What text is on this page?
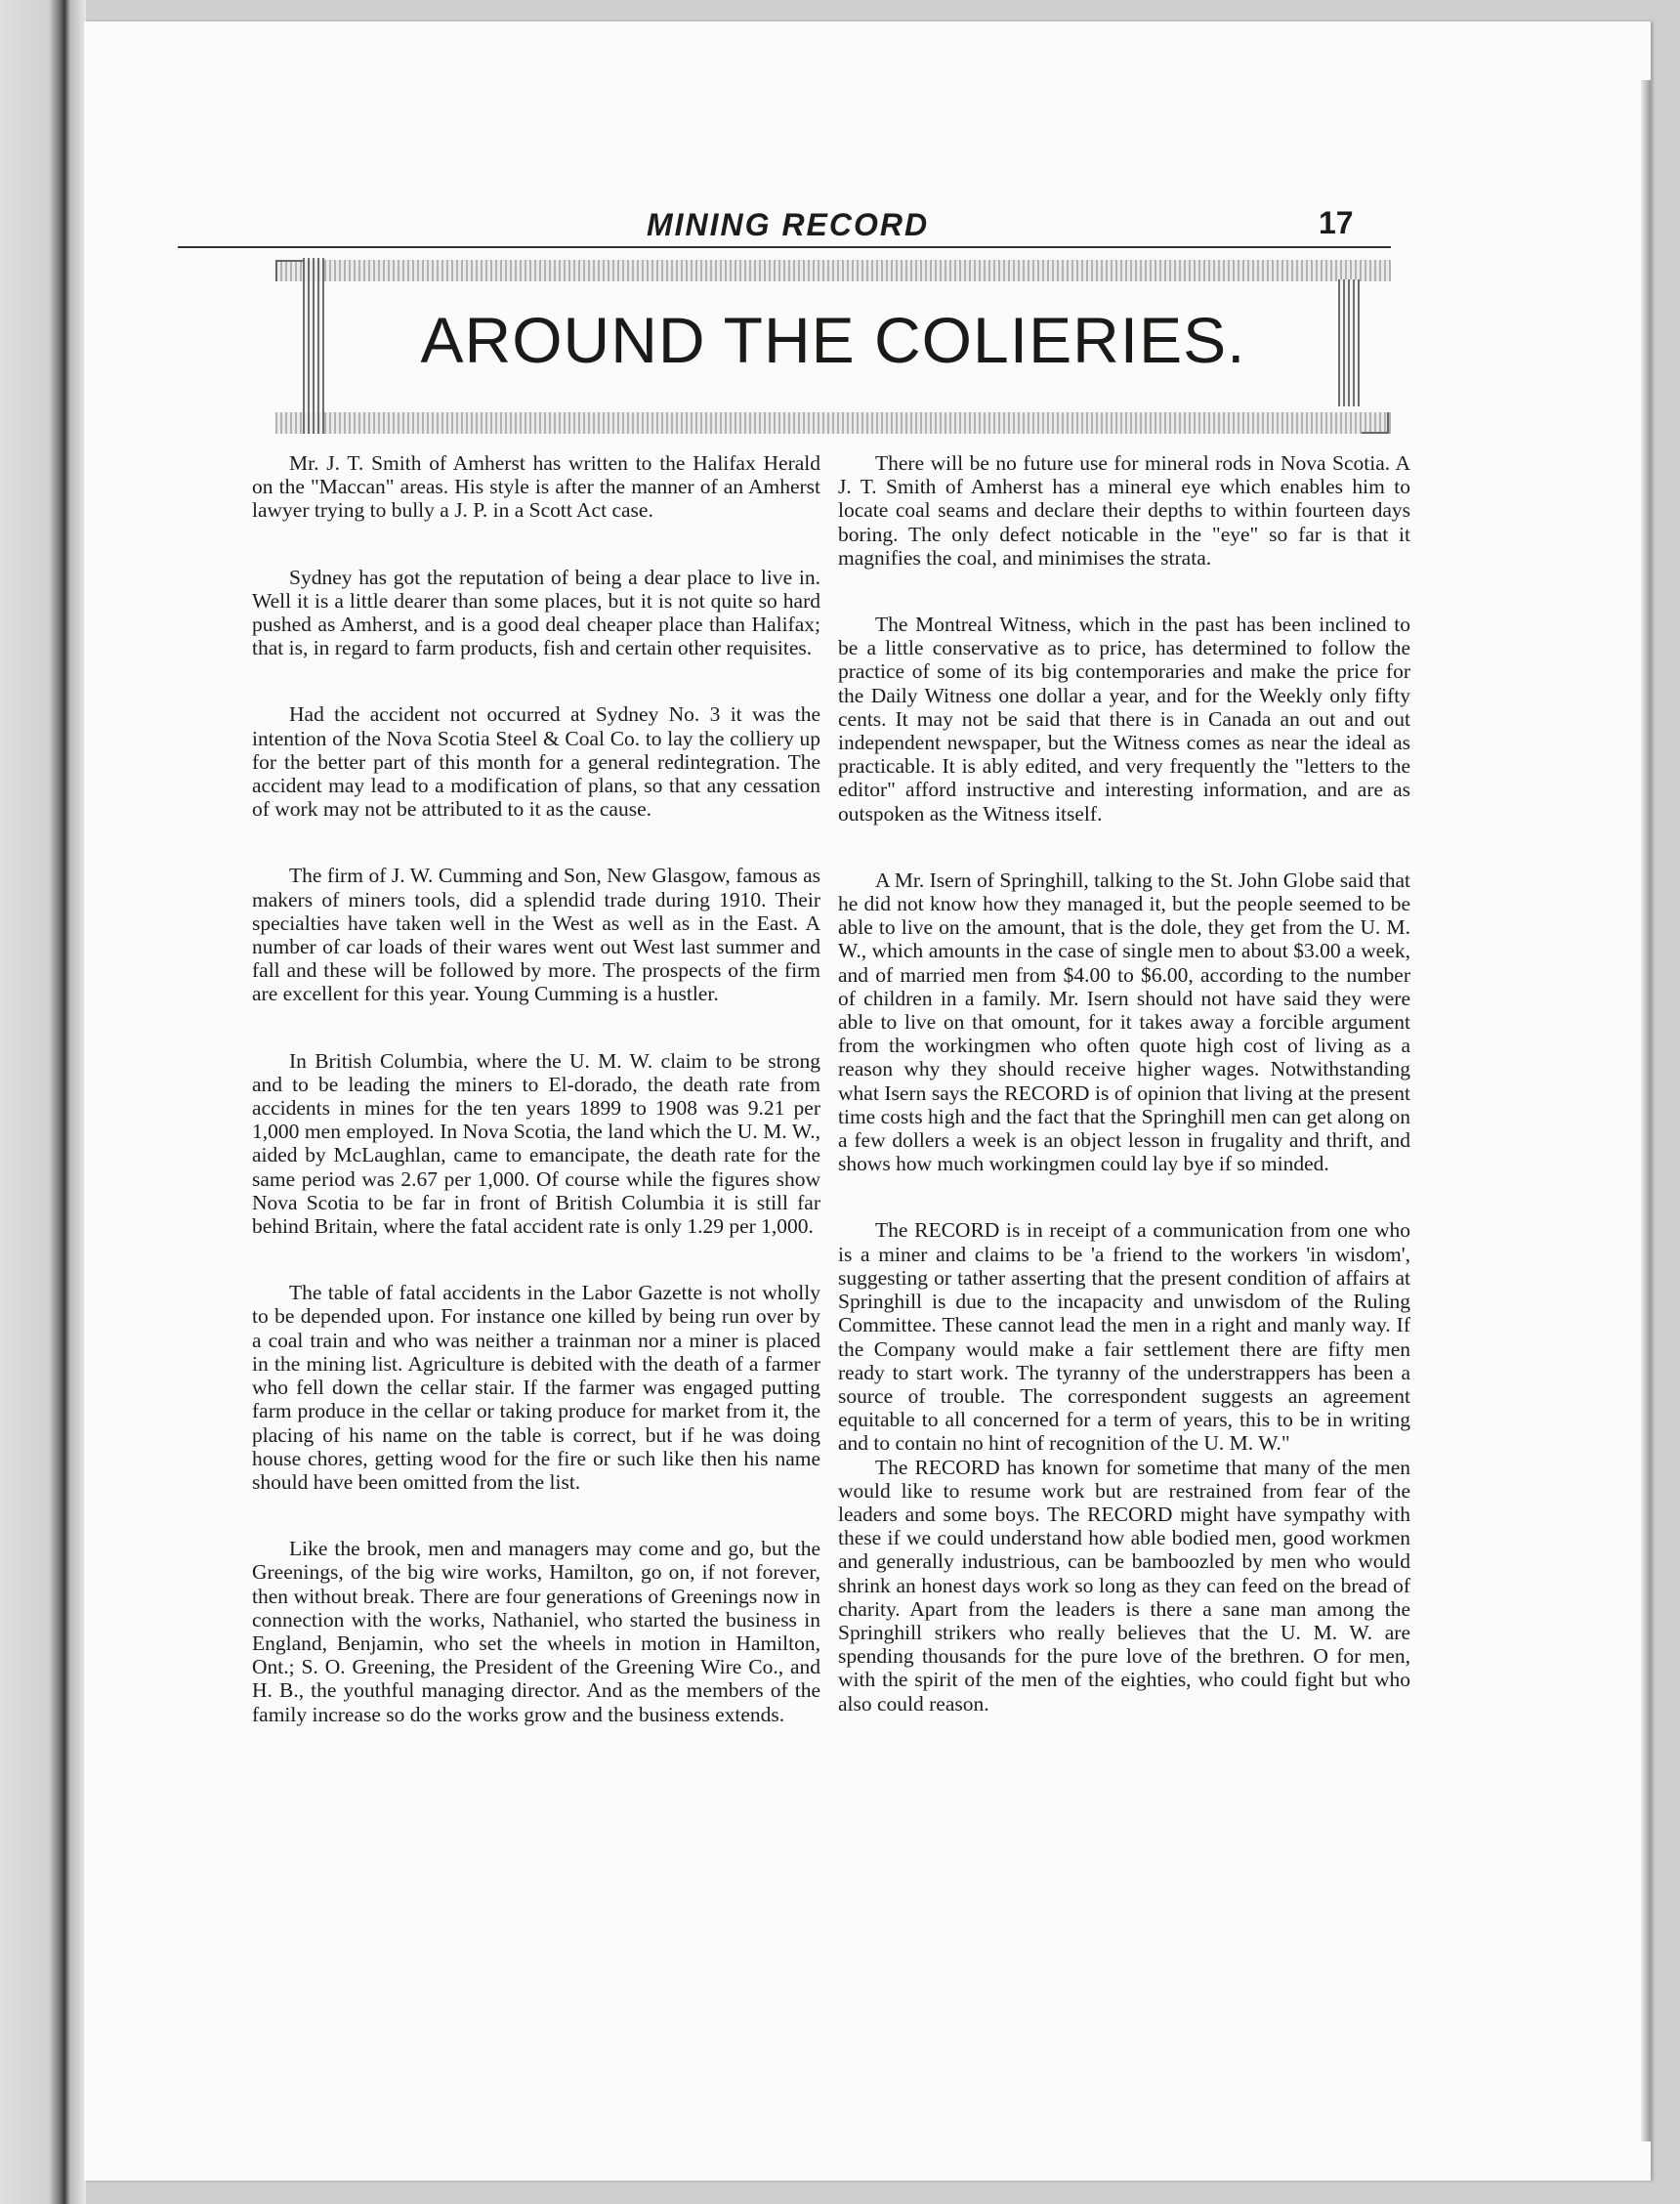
MINING RECORD	17
AROUND THE COLIERIES.

Mr. J. T. Smith of Amherst has written to the Halifax Herald on the "Maccan" areas. His style is after the manner of an Amherst lawyer trying to bully a J. P. in a Scott Act case.

Sydney has got the reputation of being a dear place to live in. Well it is a little dearer than some places, but it is not quite so hard pushed as Amherst, and is a good deal cheaper place than Halifax; that is, in regard to farm products, fish and certain other requisites.

Had the accident not occurred at Sydney No. 3 it was the intention of the Nova Scotia Steel & Coal Co. to lay the colliery up for the better part of this month for a general redintegration. The accident may lead to a modification of plans, so that any cessation of work may not be attributed to it as the cause.

The firm of J. W. Cumming and Son, New Glasgow, famous as makers of miners tools, did a splendid trade during 1910. Their specialties have taken well in the West as well as in the East. A number of car loads of their wares went out West last summer and fall and these will be followed by more. The prospects of the firm are excellent for this year. Young Cumming is a hustler.

In British Columbia, where the U. M. W. claim to be strong and to be leading the miners to El-dorado, the death rate from accidents in mines for the ten years 1899 to 1908 was 9.21 per 1,000 men employed. In Nova Scotia, the land which the U. M. W., aided by McLaughlan, came to emancipate, the death rate for the same period was 2.67 per 1,000. Of course while the figures show Nova Scotia to be far in front of British Columbia it is still far behind Britain, where the fatal accident rate is only 1.29 per 1,000.

The table of fatal accidents in the Labor Gazette is not wholly to be depended upon. For instance one killed by being run over by a coal train and who was neither a trainman nor a miner is placed in the mining list. Agriculture is debited with the death of a farmer who fell down the cellar stair. If the farmer was engaged putting farm produce in the cellar or taking produce for market from it, the placing of his name on the table is correct, but if he was doing house chores, getting wood for the fire or such like then his name should have been omitted from the list.

Like the brook, men and managers may come and go, but the Greenings, of the big wire works, Hamilton, go on, if not forever, then without break. There are four generations of Greenings now in connection with the works, Nathaniel, who started the business in England, Benjamin, who set the wheels in motion in Hamilton, Ont.; S. O. Greening, the President of the Greening Wire Co., and H. B., the youthful managing director. And as the members of the family increase so do the works grow and the business extends.

There will be no future use for mineral rods in Nova Scotia. A J. T. Smith of Amherst has a mineral eye which enables him to locate coal seams and declare their depths to within fourteen days boring. The only defect noticable in the "eye" so far is that it magnifies the coal, and minimises the strata.

The Montreal Witness, which in the past has been inclined to be a little conservative as to price, has determined to follow the practice of some of its big contemporaries and make the price for the Daily Witness one dollar a year, and for the Weekly only fifty cents. It may not be said that there is in Canada an out and out independent newspaper, but the Witness comes as near the ideal as practicable. It is ably edited, and very frequently the "letters to the editor" afford instructive and interesting information, and are as outspoken as the Witness itself.

A Mr. Isern of Springhill, talking to the St. John Globe said that he did not know how they managed it, but the people seemed to be able to live on the amount, that is the dole, they get from the U. M. W., which amounts in the case of single men to about $3.00 a week, and of married men from $4.00 to $6.00, according to the number of children in a family. Mr. Isern should not have said they were able to live on that omount, for it takes away a forcible argument from the workingmen who often quote high cost of living as a reason why they should receive higher wages. Notwithstanding what Isern says the RECORD is of opinion that living at the present time costs high and the fact that the Springhill men can get along on a few dollers a week is an object lesson in frugality and thrift, and shows how much workingmen could lay bye if so minded.

The RECORD is in receipt of a communication from one who is a miner and claims to be 'a friend to the workers 'in wisdom', suggesting or tather asserting that the present condition of affairs at Springhill is due to the incapacity and unwisdom of the Ruling Committee. These cannot lead the men in a right and manly way. If the Company would make a fair settlement there are fifty men ready to start work. The tyranny of the understrappers has been a source of trouble. The correspondent suggests an agreement equitable to all concerned for a term of years, this to be in writing and to contain no hint of recognition of the U. M. W."

The RECORD has known for sometime that many of the men would like to resume work but are restrained from fear of the leaders and some boys. The RECORD might have sympathy with these if we could understand how able bodied men, good workmen and generally industrious, can be bamboozled by men who would shrink an honest days work so long as they can feed on the bread of charity. Apart from the leaders is there a sane man among the Springhill strikers who really believes that the U. M. W. are spending thousands for the pure love of the brethren. O for men, with the spirit of the men of the eighties, who could fight but who also could reason.
